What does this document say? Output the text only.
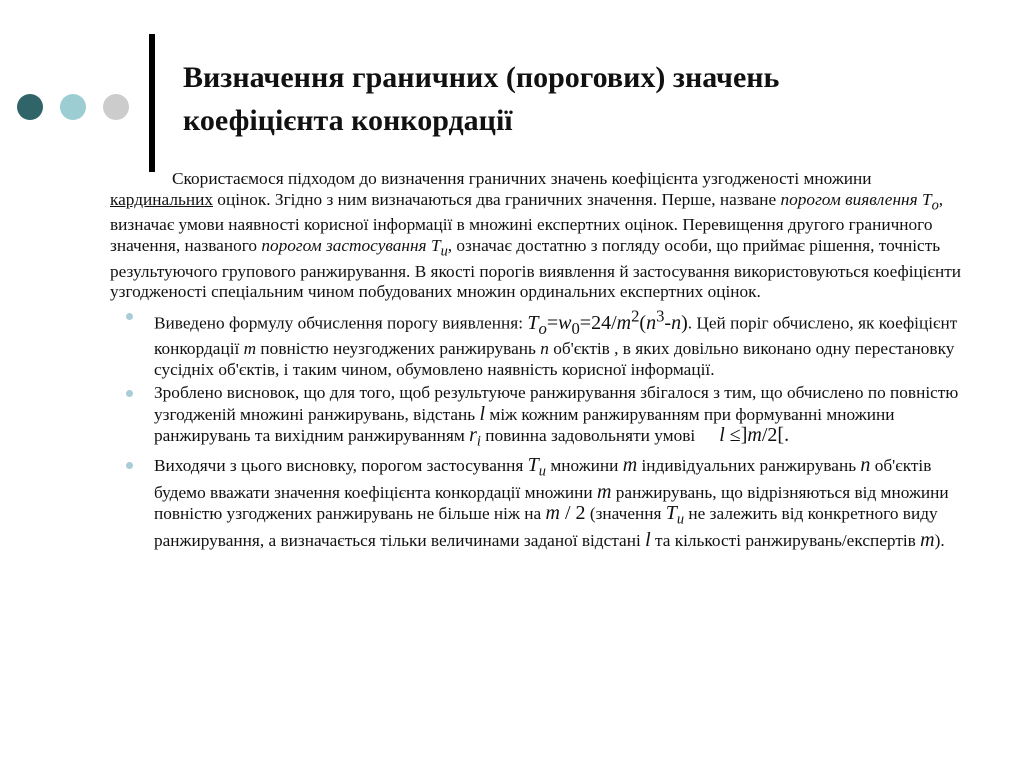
Визначення граничних (порогових) значень
коефіцієнта конкордації

Скористаємося підходом до визначення граничних значень коефіцієнта узгодженості множини кардинальних оцінок. Згідно з ним визначаються два граничних значення. Перше, назване порогом виявлення $T_o$, визначає умови наявності корисної інформації в множині експертних оцінок. Перевищення другого граничного значення, названого порогом застосування $T_u$, означає достатню з погляду особи, що приймає рішення, точність результуючого групового ранжирування. В якості порогів виявлення й застосування використовуються коефіцієнти узгодженості спеціальним чином побудованих множин ординальних експертних оцінок.

Виведено формулу обчислення порогу виявлення: $T_o=w_0=24/m^2(n^3-n)$. Цей поріг обчислено, як коефіцієнт конкордації m повністю неузгоджених ранжирувань n об'єктів , в яких довільно виконано одну перестановку сусідніх об'єктів, і таким чином, обумовлено наявність корисної інформації.
Зроблено висновок, що для того, щоб результуюче ранжирування збігалося з тим, що обчислено по повністю узгодженій множині ранжирувань, відстань l між кожним ранжируванням при формуванні множини ранжирувань та вихідним ранжируванням $r_i$ повинна задовольняти умові l ≤]m/2[.
Виходячи з цього висновку, порогом застосування $T_u$ множини m індивідуальних ранжирувань n об'єктів будемо вважати значення коефіцієнта конкордації множини m ранжирувань, що відрізняються від множини повністю узгоджених ранжирувань не більше ніж на m / 2 (значення $T_u$ не залежить від конкретного виду ранжирування, а визначається тільки величинами заданої відстані l та кількості ранжирувань/експертів m).
